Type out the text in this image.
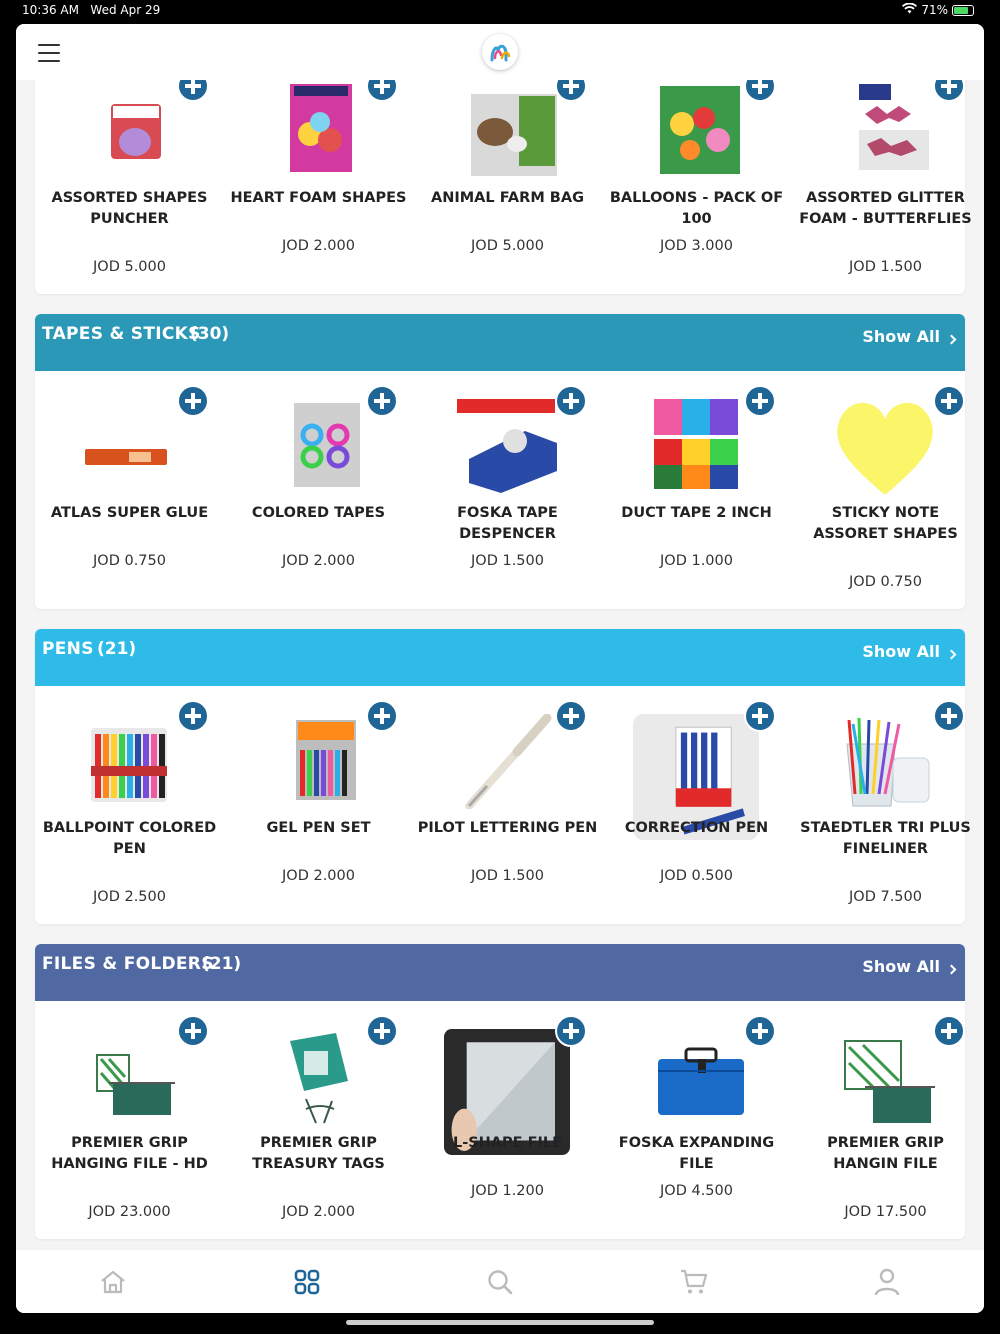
10:36 AM Wed Apr 29	71%
ASSORTED SHAPES PUNCHER
JOD 5.000
HEART FOAM SHAPES
JOD 2.000
ANIMAL FARM BAG
JOD 5.000
BALLOONS - PACK OF 100
JOD 3.000
ASSORTED GLITTER FOAM - BUTTERFLIES
JOD 1.500
TAPES & STICKS
(30)	Show All
ATLAS SUPER GLUE
JOD 0.750
COLORED TAPES
JOD 2.000
FOSKA TAPE DESPENCER
JOD 1.500
DUCT TAPE 2 INCH
JOD 1.000
STICKY NOTE ASSORET SHAPES
JOD 0.750
PENS (21)	Show All
BALLPOINT COLORED PEN
JOD 2.500
GEL PEN SET
JOD 2.000
PILOT LETTERING PEN
JOD 1.500
CORRECTION PEN
JOD 0.500
STAEDTLER TRI PLUS FINELINER
JOD 7.500
FILES & FOLDERS
(21)	Show All
PREMIER GRIP HANGING FILE - HD
JOD 23.000
PREMIER GRIP TREASURY TAGS
JOD 2.000
L-SHAPE FILE
JOD 1.200
FOSKA EXPANDING FILE
JOD 4.500
PREMIER GRIP HANGIN FILE
JOD 17.500
